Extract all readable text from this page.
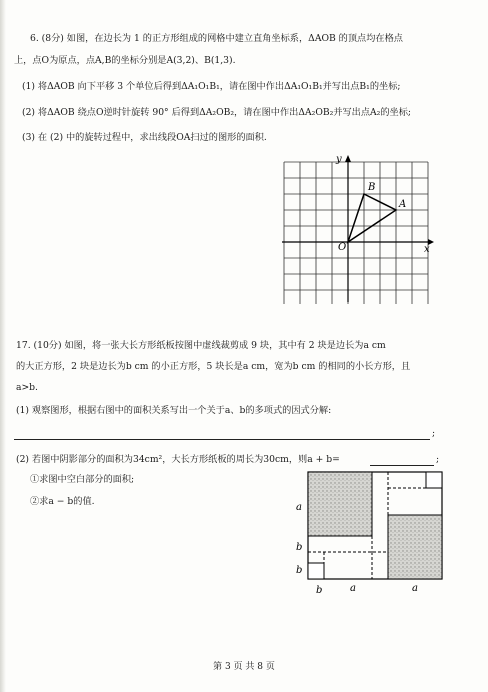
6. (8分) 如图，在边长为 1 的正方形组成的网格中建立直角坐标系，ΔAOB 的顶点均在格点
上，点O为原点，点A,B的坐标分别是A(3,2)、B(1,3).
(1) 将ΔAOB 向下平移 3 个单位后得到ΔA₁O₁B₁，请在图中作出ΔA₁O₁B₁并写出点B₁的坐标;
(2) 将ΔAOB 绕点O逆时针旋转 90° 后得到ΔA₂OB₂，请在图中作出ΔA₂OB₂并写出点A₂的坐标;
(3) 在 (2) 中的旋转过程中，求出线段OA扫过的图形的面积.
y
x
O
A
B
17. (10分) 如图，将一张大长方形纸板按图中虚线裁剪成 9 块，其中有 2 块是边长为a cm
的大正方形，2 块是边长为b cm 的小正方形，5 块长是a cm，宽为b cm 的相同的小长方形，且
a>b.
(1) 观察图形，根据右图中的面积关系写出一个关于a、b的多项式的因式分解:
;
(2) 若图中阴影部分的面积为34cm²，大长方形纸板的周长为30cm，则a + b=	;
①求图中空白部分的面积;
②求a − b的值.
a
b
b
b	a	a
第 3 页 共 8 页
